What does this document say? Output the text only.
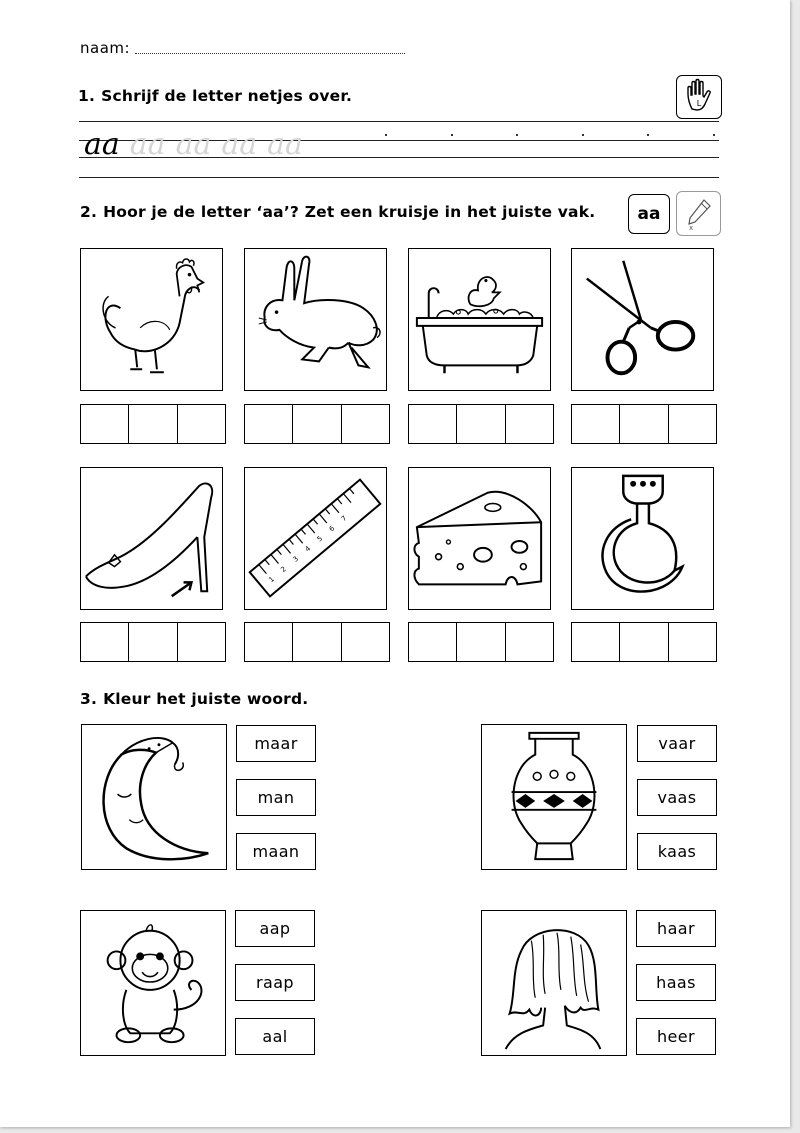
naam:
1. Schrijf de letter netjes over.	L
aa aa aa aa aa
2. Hoor je de letter ‘aa’? Zet een kruisje in het juiste vak.	aa
x
1
2
3
4
5
6
7
3. Kleur het juiste woord.
maar
man
maan
vaar
vaas
kaas
aap
raap
aal
haar
haas
heer
